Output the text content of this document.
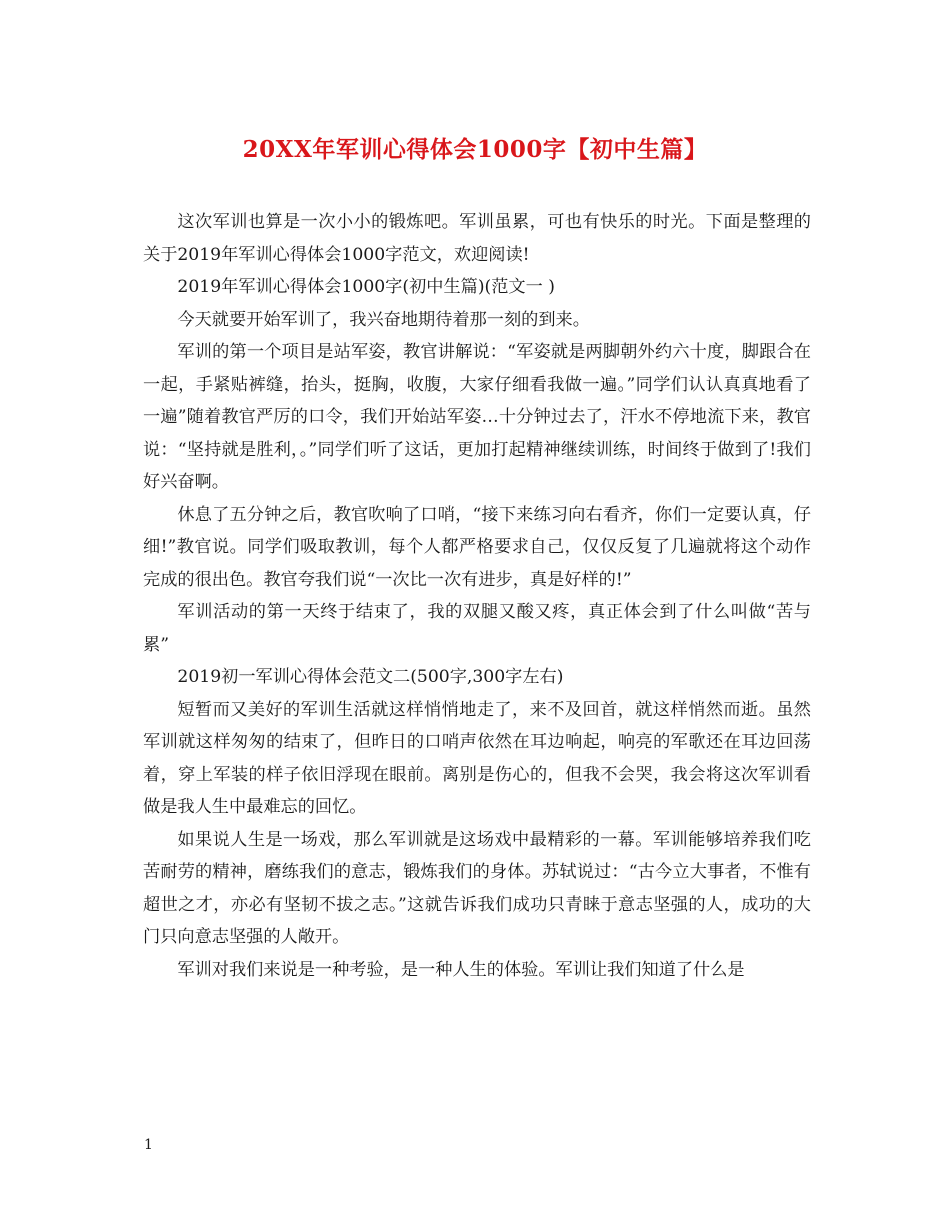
20XX年军训心得体会1000字【初中生篇】

这次军训也算是一次小小的锻炼吧。军训虽累，可也有快乐的时光。下面是整理的关于2019年军训心得体会1000字范文，欢迎阅读!

2019年军训心得体会1000字(初中生篇)(范文一 )

今天就要开始军训了，我兴奋地期待着那一刻的到来。

军训的第一个项目是站军姿，教官讲解说：“军姿就是两脚朝外约六十度，脚跟合在一起，手紧贴裤缝，抬头，挺胸，收腹，大家仔细看我做一遍。”同学们认认真真地看了一遍”随着教官严厉的口令，我们开始站军姿…十分钟过去了，汗水不停地流下来，教官说：“坚持就是胜利，。”同学们听了这话，更加打起精神继续训练，时间终于做到了!我们好兴奋啊。

休息了五分钟之后，教官吹响了口哨，“接下来练习向右看齐，你们一定要认真，仔细!”教官说。同学们吸取教训，每个人都严格要求自己，仅仅反复了几遍就将这个动作完成的很出色。教官夸我们说“一次比一次有进步，真是好样的!”

军训活动的第一天终于结束了，我的双腿又酸又疼，真正体会到了什么叫做“苦与累”

2019初一军训心得体会范文二(500字,300字左右)

短暂而又美好的军训生活就这样悄悄地走了，来不及回首，就这样悄然而逝。虽然军训就这样匆匆的结束了，但昨日的口哨声依然在耳边响起，响亮的军歌还在耳边回荡着，穿上军装的样子依旧浮现在眼前。离别是伤心的，但我不会哭，我会将这次军训看做是我人生中最难忘的回忆。

如果说人生是一场戏，那么军训就是这场戏中最精彩的一幕。军训能够培养我们吃苦耐劳的精神，磨练我们的意志，锻炼我们的身体。苏轼说过：“古今立大事者，不惟有超世之才，亦必有坚韧不拔之志。”这就告诉我们成功只青睐于意志坚强的人，成功的大门只向意志坚强的人敞开。

军训对我们来说是一种考验，是一种人生的体验。军训让我们知道了什么是

1
